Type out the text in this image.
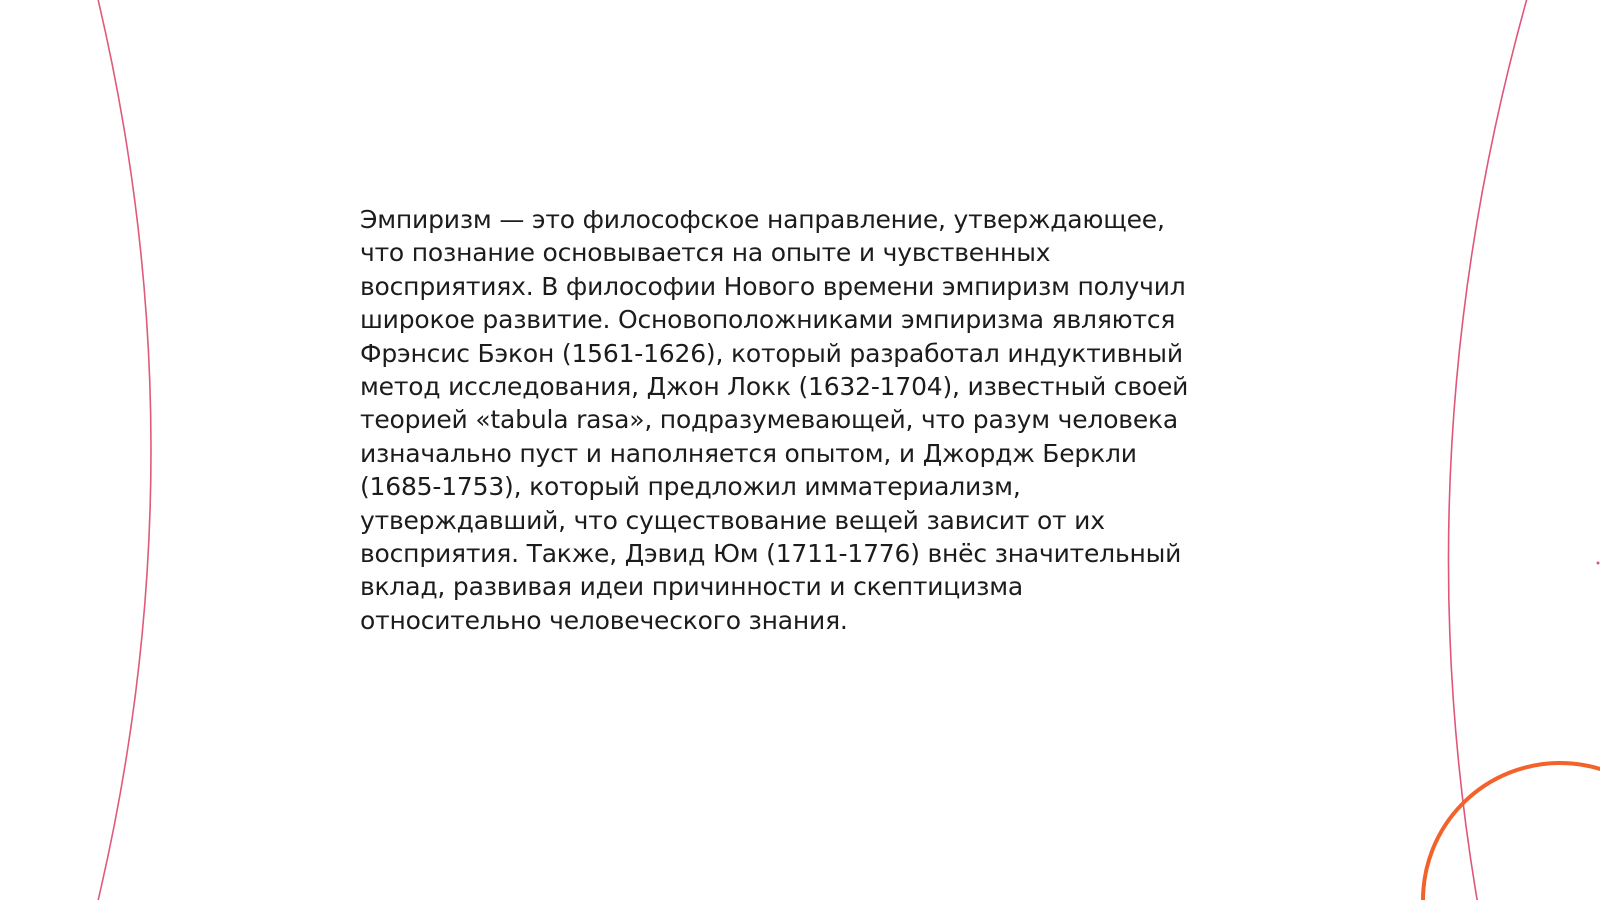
Эмпиризм — это философское направление, утверждающее,
что познание основывается на опыте и чувственных
восприятиях. В философии Нового времени эмпиризм получил
широкое развитие. Основоположниками эмпиризма являются
Фрэнсис Бэкон (1561-1626), который разработал индуктивный
метод исследования, Джон Локк (1632-1704), известный своей
теорией «tabula rasa», подразумевающей, что разум человека
изначально пуст и наполняется опытом, и Джордж Беркли
(1685-1753), который предложил имматериализм,
утверждавший, что существование вещей зависит от их
восприятия. Также, Дэвид Юм (1711-1776) внёс значительный
вклад, развивая идеи причинности и скептицизма
относительно человеческого знания.
